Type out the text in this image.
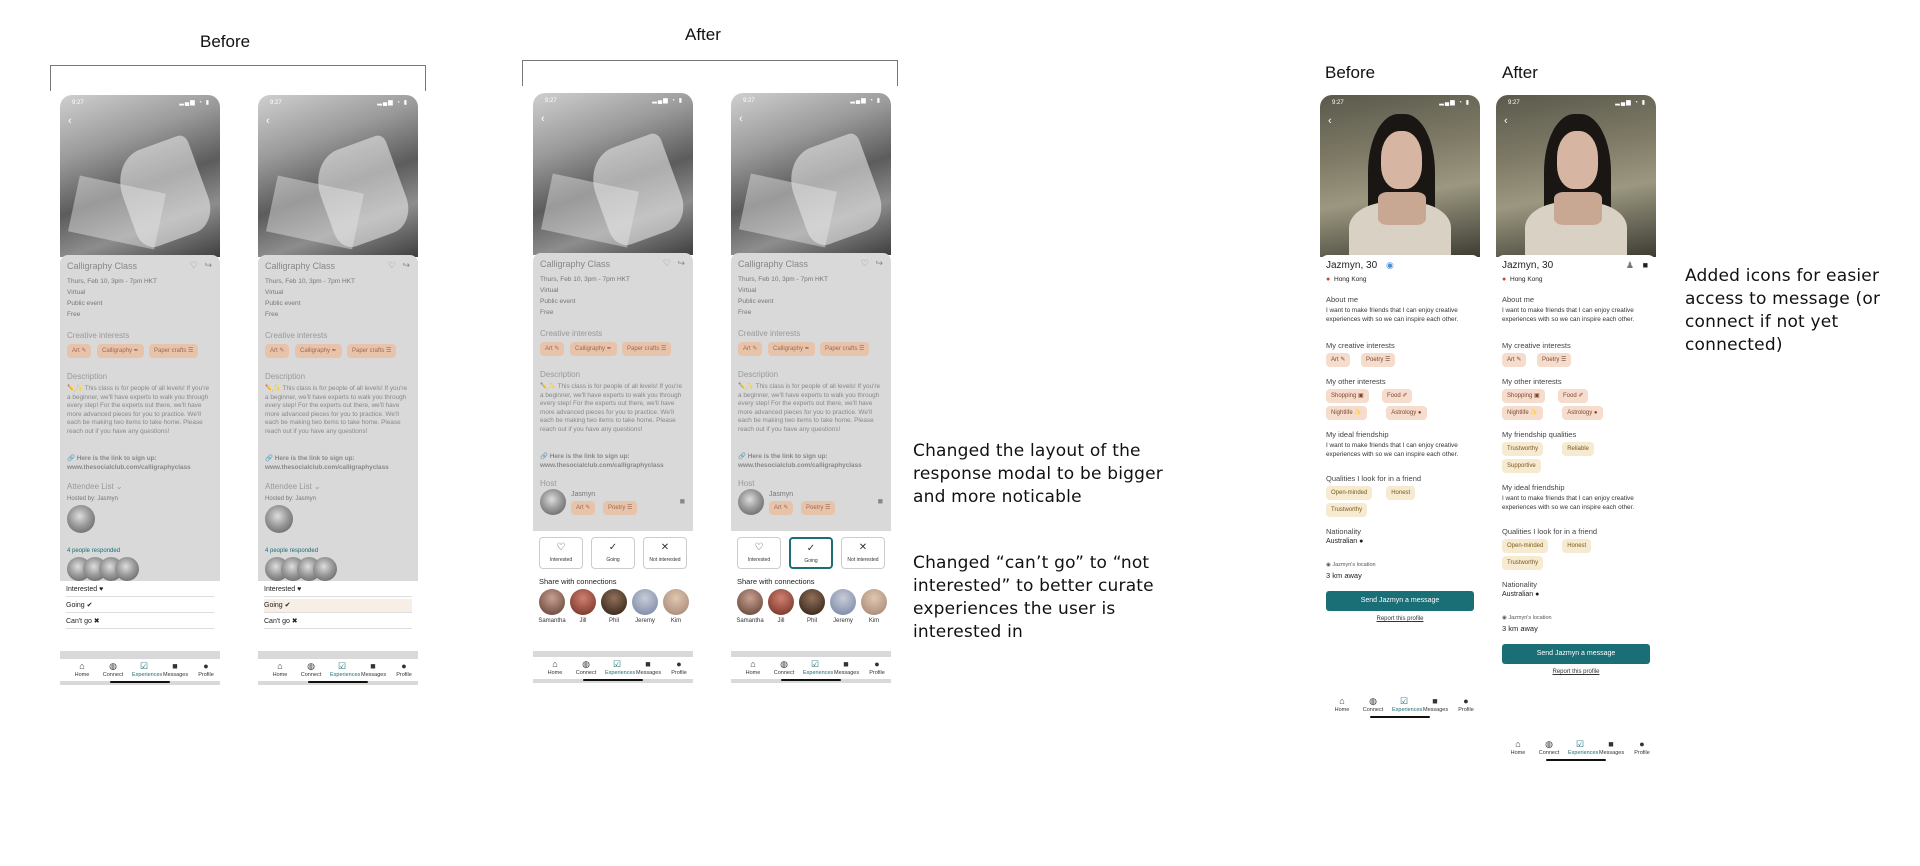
Before	After
Before	After

Changed the layout of the response modal to be bigger and more noticable

Changed “can’t go” to “not interested” to better curate experiences the user is interested in

Added icons for easier access to message (or connect if not yet connected)

9:27	▂▄▆ ◔ ▮
‹
Calligraphy Class	♡ ↪
Thurs, Feb 10, 3pm - 7pm HKT
Virtual
Public event
Free
Creative interests
Art ✎	Calligraphy ✒	Paper crafts ☰
Description
✏️✨ This class is for people of all levels! If you're a beginner, we'll have experts to walk you through every step! For the experts out there, we'll have more advanced pieces for you to practice. We'll each be making two items to take home. Please reach out if you have any questions!
🔗 Here is the link to sign up:
www.thesocialclub.com/calligraphyclass
Attendee List ⌄
Hosted by: Jasmyn
4 people responded
Interested ♥
Going ✔
Can't go ✖
⌂
Home
◍
Connect
☑
Experiences
■
Messages
●
Profile
9:27	▂▄▆ ◔ ▮
‹
Calligraphy Class	♡ ↪
Thurs, Feb 10, 3pm - 7pm HKT
Virtual
Public event
Free
Creative interests
Art ✎	Calligraphy ✒	Paper crafts ☰
Description
✏️✨ This class is for people of all levels! If you're a beginner, we'll have experts to walk you through every step! For the experts out there, we'll have more advanced pieces for you to practice. We'll each be making two items to take home. Please reach out if you have any questions!
🔗 Here is the link to sign up:
www.thesocialclub.com/calligraphyclass
Attendee List ⌄
Hosted by: Jasmyn
4 people responded
Interested ♥
Going ✔
Can't go ✖
⌂
Home
◍
Connect
☑
Experiences
■
Messages
●
Profile
9:27	▂▄▆ ◔ ▮
‹
Calligraphy Class	♡ ↪
Thurs, Feb 10, 3pm - 7pm HKT
Virtual
Public event
Free
Creative interests
Art ✎	Calligraphy ✒	Paper crafts ☰
Description
✏️✨ This class is for people of all levels! If you're a beginner, we'll have experts to walk you through every step! For the experts out there, we'll have more advanced pieces for you to practice. We'll each be making two items to take home. Please reach out if you have any questions!
🔗 Here is the link to sign up:
www.thesocialclub.com/calligraphyclass
Host
Jasmyn
Art ✎	Poetry ☰
■
♡
Interested
✓
Going
✕
Not interested
Share with connections
Samantha	Jill	Phil	Jeremy	Kim
⌂
Home
◍
Connect
☑
Experiences
■
Messages
●
Profile
9:27	▂▄▆ ◔ ▮
‹
Calligraphy Class	♡ ↪
Thurs, Feb 10, 3pm - 7pm HKT
Virtual
Public event
Free
Creative interests
Art ✎	Calligraphy ✒	Paper crafts ☰
Description
✏️✨ This class is for people of all levels! If you're a beginner, we'll have experts to walk you through every step! For the experts out there, we'll have more advanced pieces for you to practice. We'll each be making two items to take home. Please reach out if you have any questions!
🔗 Here is the link to sign up:
www.thesocialclub.com/calligraphyclass
Host
Jasmyn
Art ✎	Poetry ☰
■
♡
Interested
✓
Going
✕
Not interested
Share with connections
Samantha	Jill	Phil	Jeremy	Kim
⌂
Home
◍
Connect
☑
Experiences
■
Messages
●
Profile
9:27	▂▄▆ ◔ ▮
‹
Jazmyn, 30 ◉
● Hong Kong
About me
I want to make friends that I can enjoy creative experiences with so we can inspire each other.
My creative interests
Art ✎	Poetry ☰
My other interests
Shopping ▣	Food ✐
Nightlife ✨	Astrology ●
My ideal friendship
I want to make friends that I can enjoy creative experiences with so we can inspire each other.
Qualities I look for in a friend
Open-minded	Honest
Trustworthy
Nationality
Australian ●
◉ Jazmyn's location
3 km away
Send Jazmyn a message
Report this profile
⌂
Home
◍
Connect
☑
Experiences
■
Messages
●
Profile
9:27	▂▄▆ ◔ ▮
‹
Jazmyn, 30	♟ ■
● Hong Kong
About me
I want to make friends that I can enjoy creative experiences with so we can inspire each other.
My creative interests
Art ✎	Poetry ☰
My other interests
Shopping ▣	Food ✐
Nightlife ✨	Astrology ●
My friendship qualities
Trustworthy	Reliable
Supportive
My ideal friendship
I want to make friends that I can enjoy creative experiences with so we can inspire each other.
Qualities I look for in a friend
Open-minded	Honest
Trustworthy
Nationality
Australian ●
◉ Jazmyn's location
3 km away
Send Jazmyn a message
Report this profile
⌂
Home
◍
Connect
☑
Experiences
■
Messages
●
Profile
